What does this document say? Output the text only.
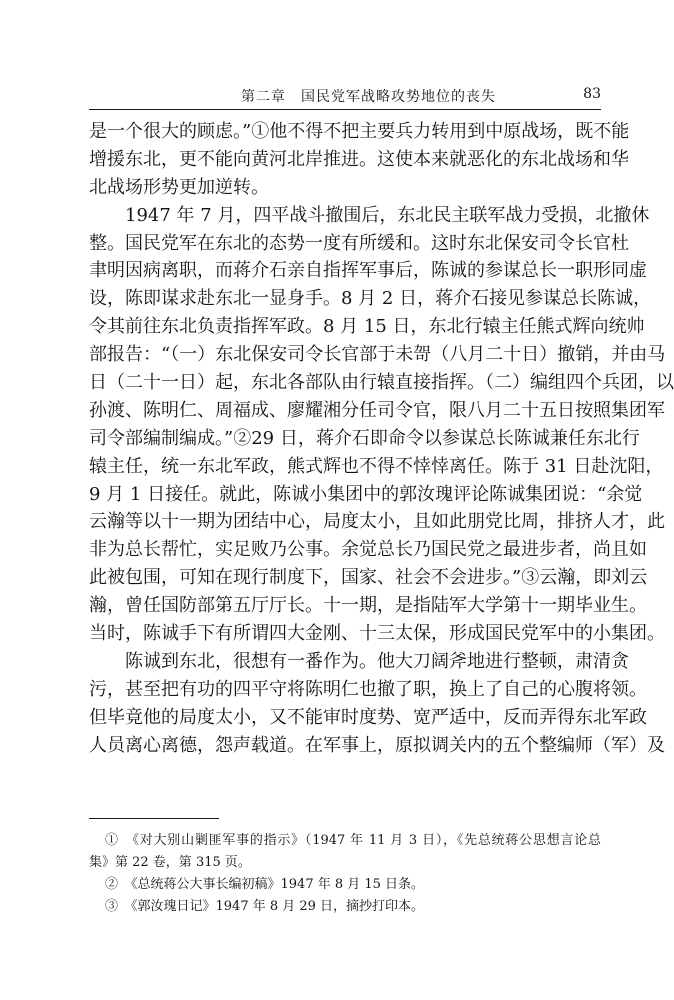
第二章　国民党军战略攻势地位的丧失	83
是一个很大的顾虑。”①他不得不把主要兵力转用到中原战场，既不能
增援东北，更不能向黄河北岸推进。这使本来就恶化的东北战场和华
北战场形势更加逆转。
1947 年 7 月，四平战斗撤围后，东北民主联军战力受损，北撤休
整。国民党军在东北的态势一度有所缓和。这时东北保安司令长官杜
聿明因病离职，而蒋介石亲自指挥军事后，陈诚的参谋总长一职形同虚
设，陈即谋求赴东北一显身手。8 月 2 日，蒋介石接见参谋总长陈诚，
令其前往东北负责指挥军政。8 月 15 日，东北行辕主任熊式辉向统帅
部报告：“（一）东北保安司令长官部于未哿（八月二十日）撤销，并由马
日（二十一日）起，东北各部队由行辕直接指挥。（二）编组四个兵团，以
孙渡、陈明仁、周福成、廖耀湘分任司令官，限八月二十五日按照集团军
司令部编制编成。”②29 日，蒋介石即命令以参谋总长陈诚兼任东北行
辕主任，统一东北军政，熊式辉也不得不悻悻离任。陈于 31 日赴沈阳，
9 月 1 日接任。就此，陈诚小集团中的郭汝瑰评论陈诚集团说：“余觉
云瀚等以十一期为团结中心，局度太小，且如此朋党比周，排挤人才，此
非为总长帮忙，实足败乃公事。余觉总长乃国民党之最进步者，尚且如
此被包围，可知在现行制度下，国家、社会不会进步。”③云瀚，即刘云
瀚，曾任国防部第五厅厅长。十一期，是指陆军大学第十一期毕业生。
当时，陈诚手下有所谓四大金刚、十三太保，形成国民党军中的小集团。
陈诚到东北，很想有一番作为。他大刀阔斧地进行整顿，肃清贪
污，甚至把有功的四平守将陈明仁也撤了职，换上了自己的心腹将领。
但毕竟他的局度太小，又不能审时度势、宽严适中，反而弄得东北军政
人员离心离德，怨声载道。在军事上，原拟调关内的五个整编师（军）及
①　《对大别山剿匪军事的指示》（1947 年 11 月 3 日），《先总统蒋公思想言论总
集》第 22 卷，第 315 页。
②　《总统蒋公大事长编初稿》1947 年 8 月 15 日条。
③　《郭汝瑰日记》1947 年 8 月 29 日，摘抄打印本。
